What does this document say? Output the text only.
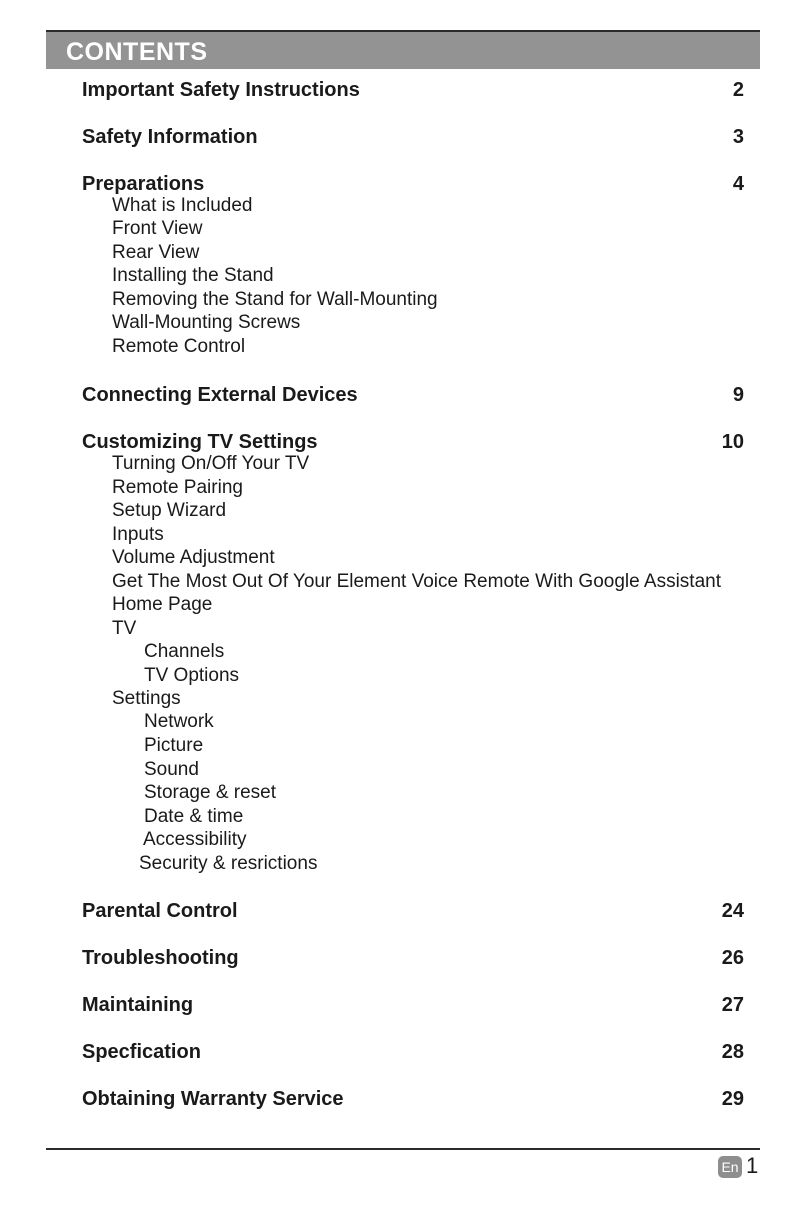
CONTENTS
Important Safety Instructions	2
Safety Information	3
Preparations	4
What is Included
Front View
Rear View
Installing the Stand
Removing the Stand for Wall-Mounting
Wall-Mounting Screws
Remote Control
Connecting External Devices	9
Customizing TV Settings	10
Turning On/Off Your TV
Remote Pairing
Setup Wizard
Inputs
Volume Adjustment
Get The Most Out Of Your Element Voice Remote With Google Assistant
Home Page
TV
Channels
TV Options
Settings
Network
Picture
Sound
Storage & reset
Date & time
Accessibility
Security & resrictions
Parental Control	24
Troubleshooting	26
Maintaining	27
Specfication	28
Obtaining Warranty Service	29
En 1
